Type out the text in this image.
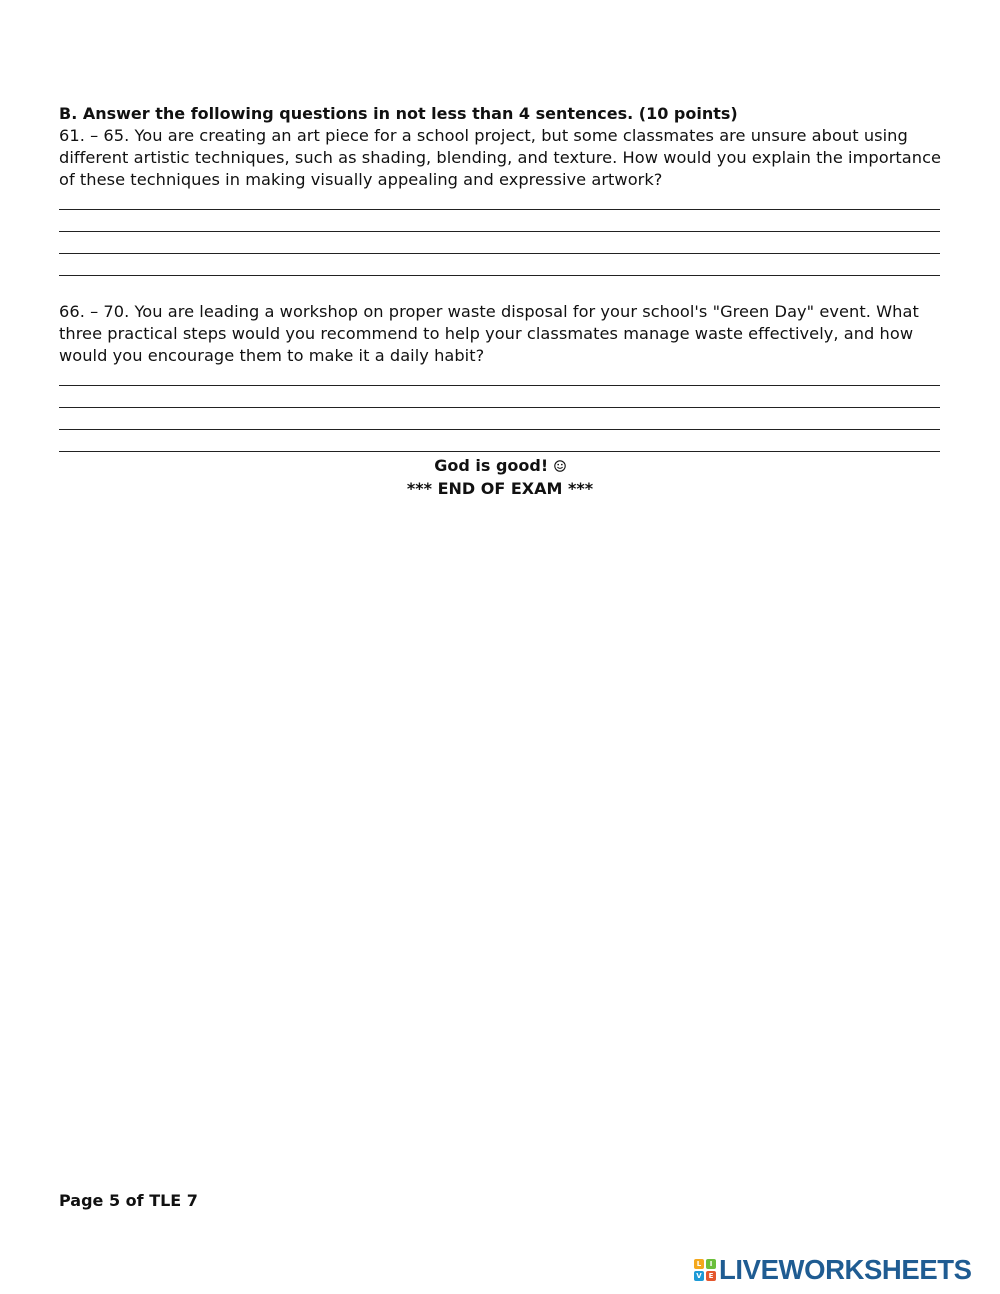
B. Answer the following questions in not less than 4 sentences. (10 points)
61. – 65. You are creating an art piece for a school project, but some classmates are unsure about using different artistic techniques, such as shading, blending, and texture. How would you explain the importance of these techniques in making visually appealing and expressive artwork?
66. – 70. You are leading a workshop on proper waste disposal for your school's "Green Day" event. What three practical steps would you recommend to help your classmates manage waste effectively, and how would you encourage them to make it a daily habit?
God is good!
*** END OF EXAM ***
Page 5 of TLE 7
L	I
V E LIVEWORKSHEETS
